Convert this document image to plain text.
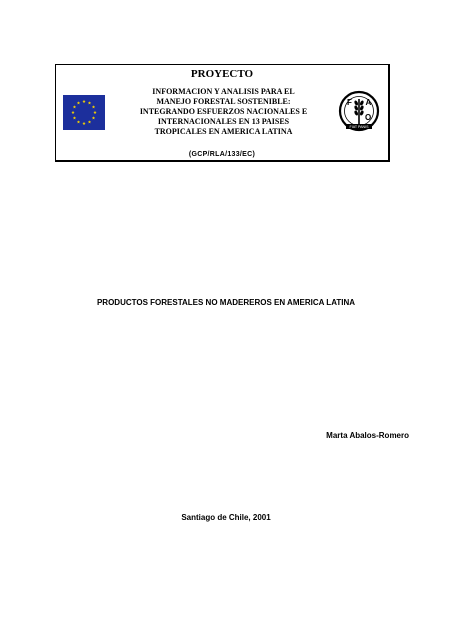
PROYECTO
INFORMACION Y ANALISIS PARA EL
MANEJO FORESTAL SOSTENIBLE:
INTEGRANDO ESFUERZOS NACIONALES E
INTERNACIONALES EN 13 PAISES
TROPICALES EN AMERICA LATINA
F A
O
FIAT PANIS
(GCP/RLA/133/EC)
PRODUCTOS FORESTALES NO MADEREROS EN AMERICA LATINA
Marta Abalos-Romero
Santiago de Chile, 2001
